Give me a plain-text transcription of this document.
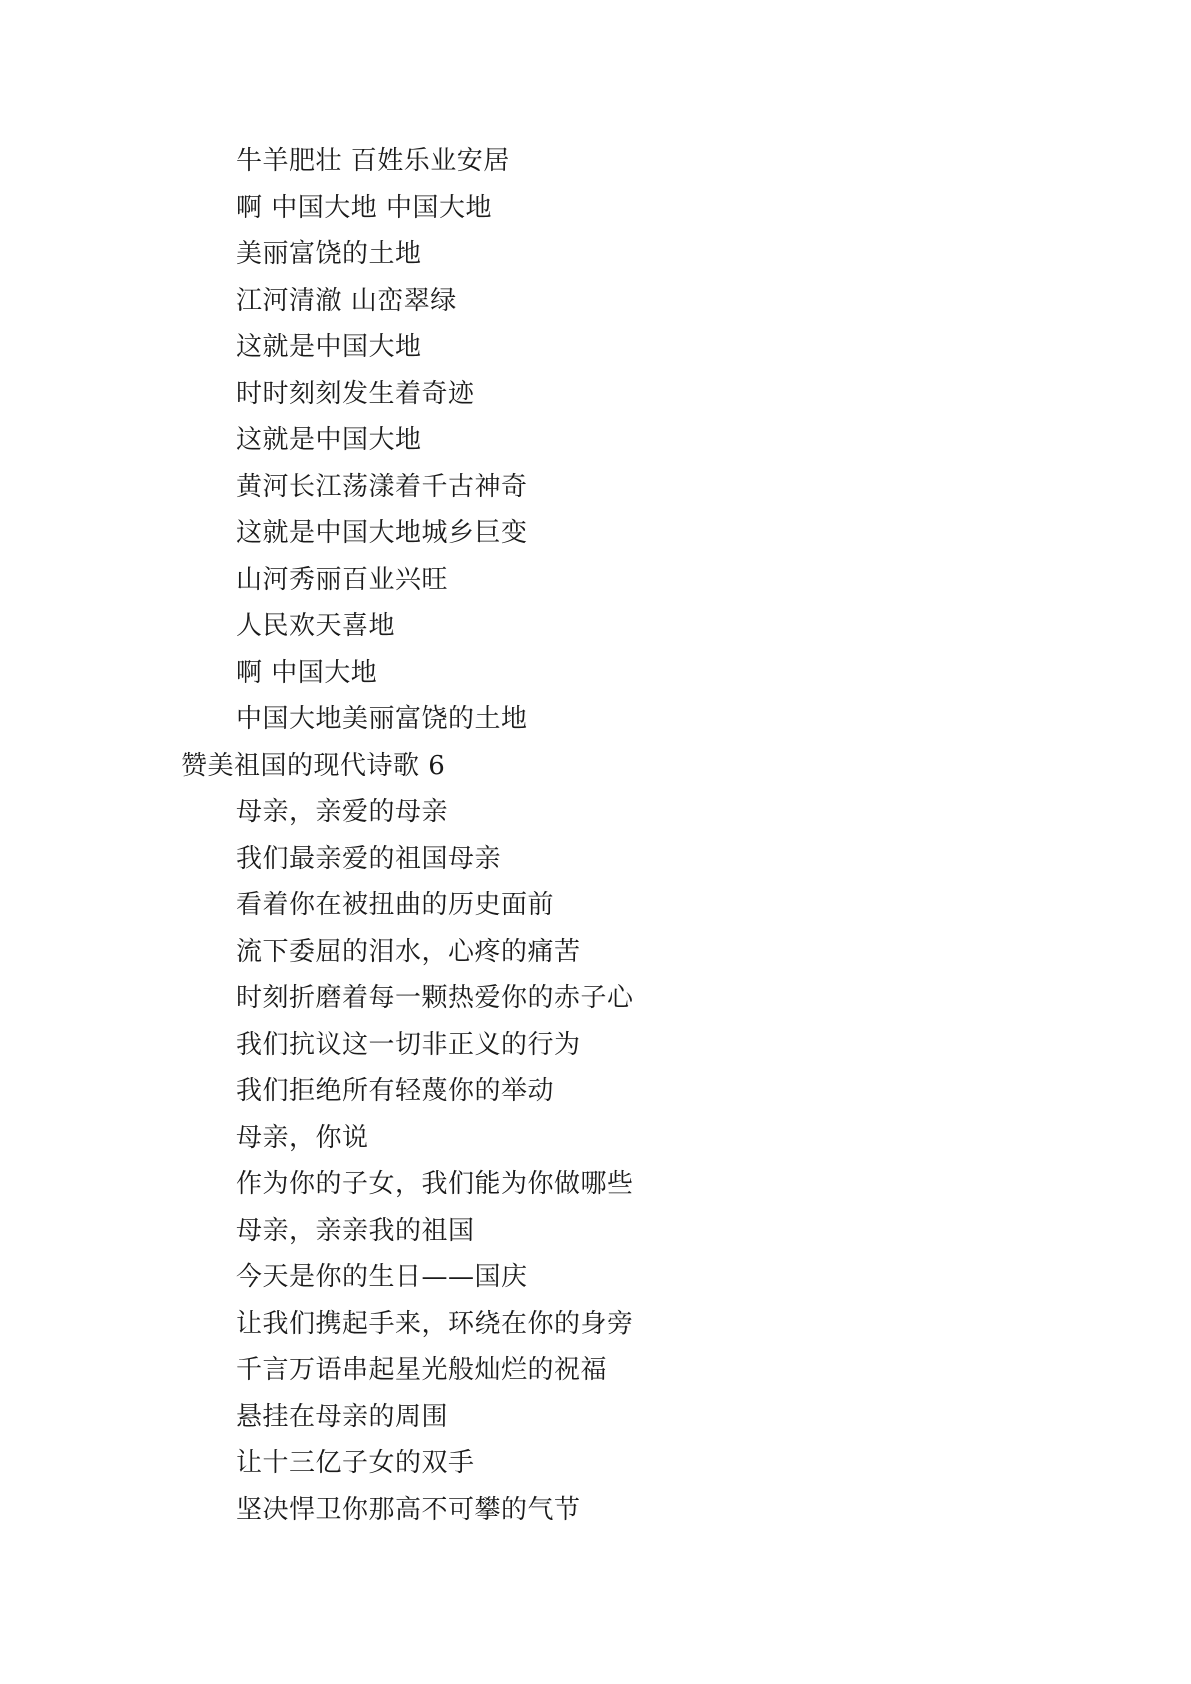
牛羊肥壮 百姓乐业安居
啊 中国大地 中国大地
美丽富饶的土地
江河清澈 山峦翠绿
这就是中国大地
时时刻刻发生着奇迹
这就是中国大地
黄河长江荡漾着千古神奇
这就是中国大地城乡巨变
山河秀丽百业兴旺
人民欢天喜地
啊 中国大地
中国大地美丽富饶的土地
赞美祖国的现代诗歌 6
母亲，亲爱的母亲
我们最亲爱的祖国母亲
看着你在被扭曲的历史面前
流下委屈的泪水，心疼的痛苦
时刻折磨着每一颗热爱你的赤子心
我们抗议这一切非正义的行为
我们拒绝所有轻蔑你的举动
母亲，你说
作为你的子女，我们能为你做哪些
母亲，亲亲我的祖国
今天是你的生日——国庆
让我们携起手来，环绕在你的身旁
千言万语串起星光般灿烂的祝福
悬挂在母亲的周围
让十三亿子女的双手
坚决悍卫你那高不可攀的气节
